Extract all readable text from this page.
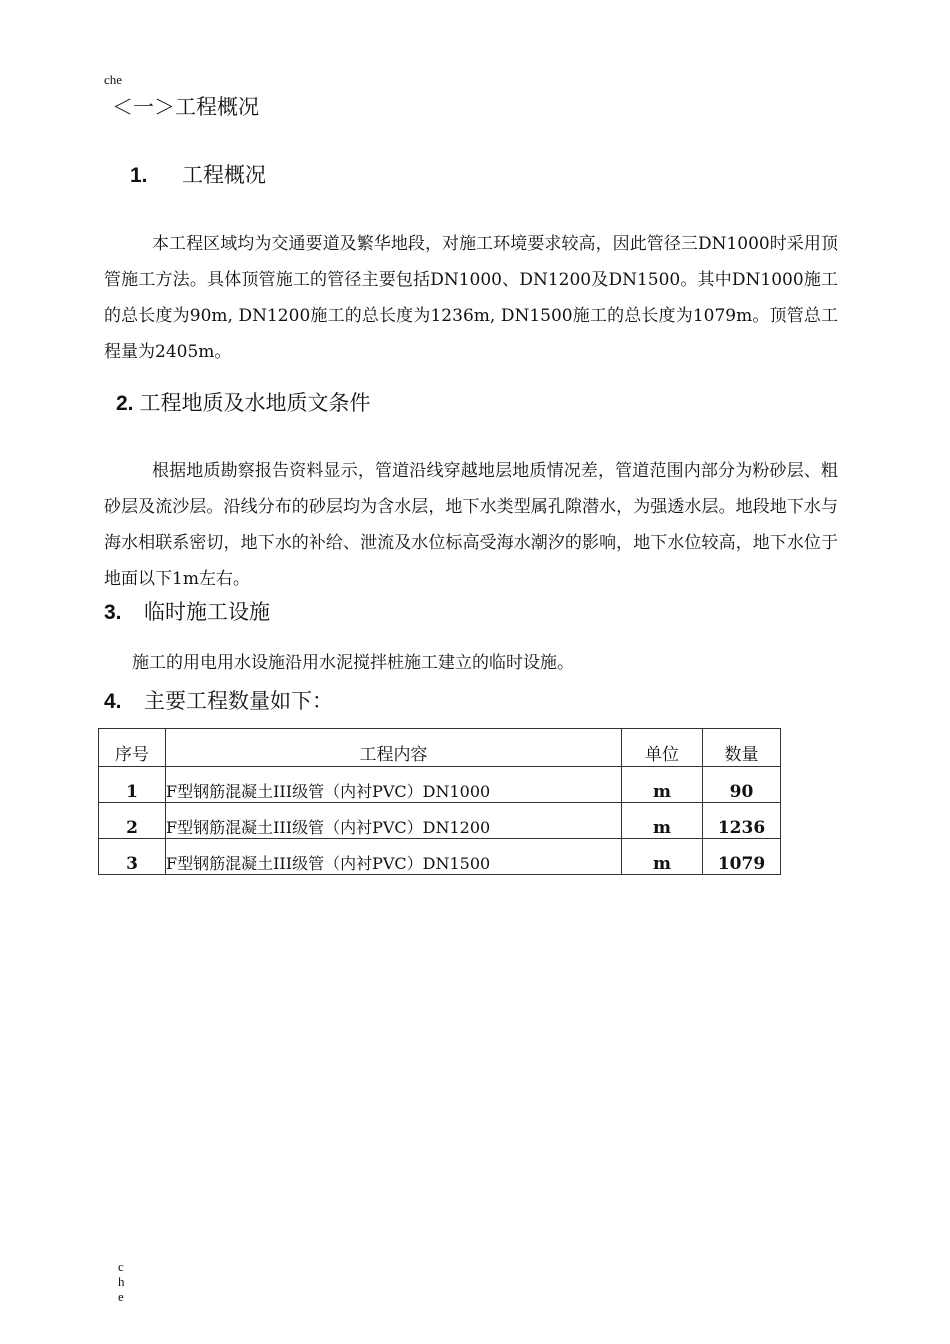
che
＜一＞工程概况
1. 工程概况
本工程区域均为交通要道及繁华地段，对施工环境要求较高，因此管径三DN1000时采用顶管施工方法。具体顶管施工的管径主要包括DN1000、DN1200及DN1500。其中DN1000施工的总长度为90m, DN1200施工的总长度为1236m, DN1500施工的总长度为1079m。顶管总工程量为2405m。
2. 工程地质及水地质文条件
根据地质勘察报告资料显示，管道沿线穿越地层地质情况差，管道范围内部分为粉砂层、粗砂层及流沙层。沿线分布的砂层均为含水层，地下水类型属孔隙潜水，为强透水层。地段地下水与海水相联系密切，地下水的补给、泄流及水位标高受海水潮汐的影响，地下水位较高，地下水位于地面以下1m左右。
3. 临时施工设施
施工的用电用水设施沿用水泥搅拌桩施工建立的临时设施。
4. 主要工程数量如下：
序号	工程内容	单位	数量
1	F型钢筋混凝土III级管（内衬PVC）DN1000	m	90
2	F型钢筋混凝土III级管（内衬PVC）DN1200	m	1236
3	F型钢筋混凝土III级管（内衬PVC）DN1500	m	1079
che
